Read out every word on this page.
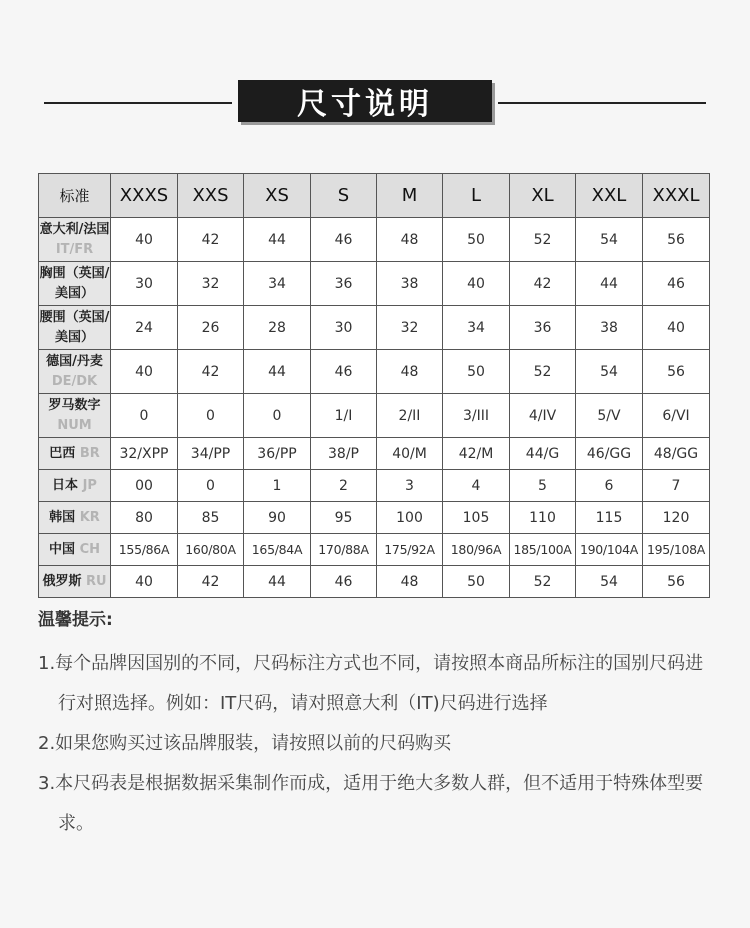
尺寸说明
标准	XXXS	XXS	XS	S	M	L	XL	XXL	XXXL
意大利/法国 IT/FR	40	42	44	46	48	50	52	54	56
胸围（英国/美国）	30	32	34	36	38	40	42	44	46
腰围（英国/美国）	24	26	28	30	32	34	36	38	40
德国/丹麦 DE/DK	40	42	44	46	48	50	52	54	56
罗马数字 NUM	0	0	0	1/I	2/II	3/III	4/IV	5/V	6/VI
巴西 BR	32/XPP	34/PP	36/PP	38/P	40/M	42/M	44/G	46/GG	48/GG
日本 JP	00	0	1	2	3	4	5	6	7
韩国 KR	80	85	90	95	100	105	110	115	120
中国 CH	155/86A	160/80A	165/84A	170/88A	175/92A	180/96A	185/100A	190/104A	195/108A
俄罗斯 RU	40	42	44	46	48	50	52	54	56
温馨提示:
1.每个品牌因国别的不同，尺码标注方式也不同，请按照本商品所标注的国别尺码进行对照选择。例如：IT尺码，请对照意大利（IT)尺码进行选择
2.如果您购买过该品牌服装，请按照以前的尺码购买
3.本尺码表是根据数据采集制作而成，适用于绝大多数人群，但不适用于特殊体型要求。
